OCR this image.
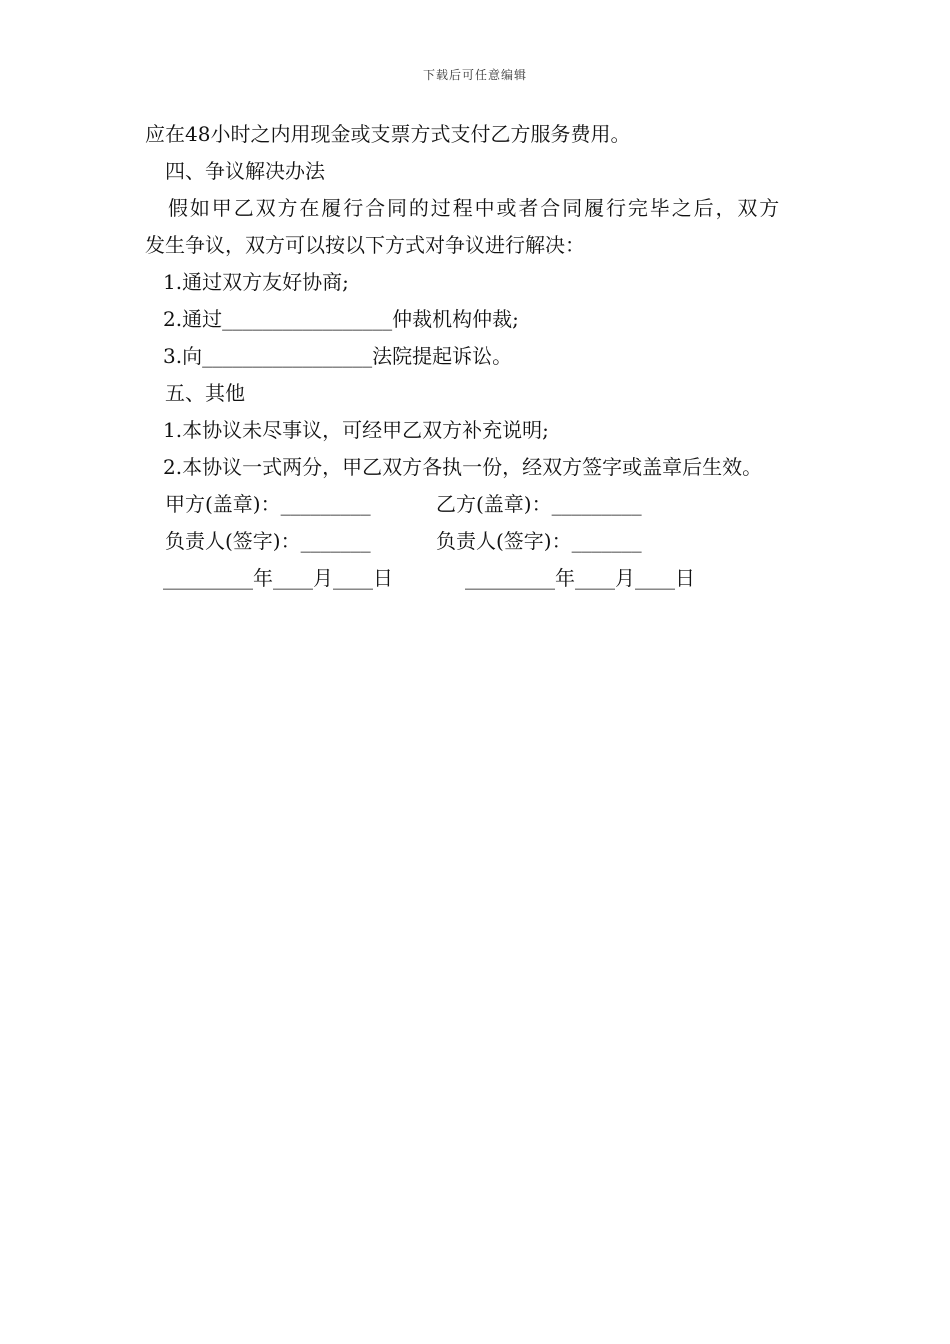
下载后可任意编辑
应在48小时之内用现金或支票方式支付乙方服务费用。
四、争议解决办法
假如甲乙双方在履行合同的过程中或者合同履行完毕之后，双方
发生争议，双方可以按以下方式对争议进行解决：
1.通过双方友好协商;
2.通过_________________仲裁机构仲裁;
3.向_________________法院提起诉讼。
五、其他
1.本协议未尽事议，可经甲乙双方补充说明;
2.本协议一式两分，甲乙双方各执一份，经双方签字或盖章后生效。
甲方(盖章)：_________	乙方(盖章)：_________
负责人(签字)：_______	负责人(签字)：_______
_________年____月____日	_________年____月____日
